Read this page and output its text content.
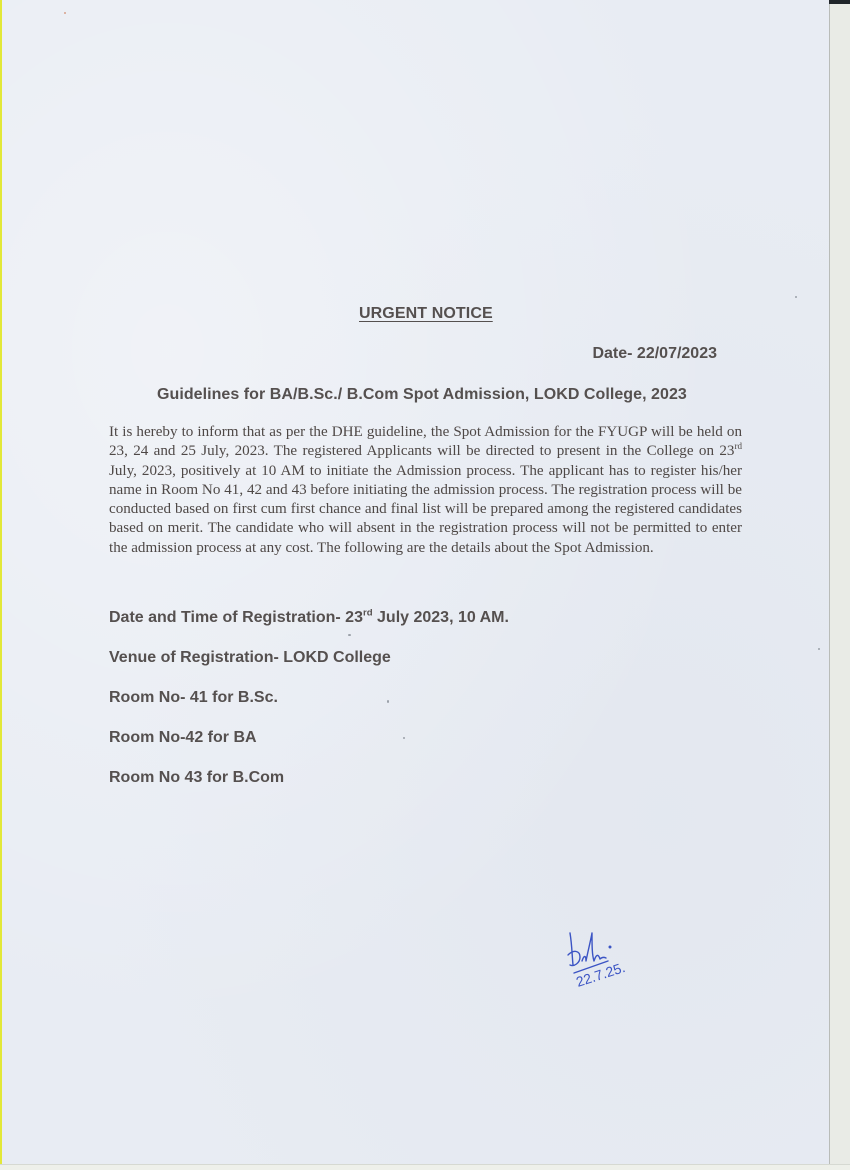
URGENT NOTICE
Date- 22/07/2023
Guidelines for BA/B.Sc./ B.Com Spot Admission, LOKD College, 2023
It is hereby to inform that as per the DHE guideline, the Spot Admission for the FYUGP will be held on 23, 24 and 25 July, 2023. The registered Applicants will be directed to present in the College on 23rd July, 2023, positively at 10 AM to initiate the Admission process. The applicant has to register his/her name in Room No 41, 42 and 43 before initiating the admission process. The registration process will be conducted based on first cum first chance and final list will be prepared among the registered candidates based on merit. The candidate who will absent in the registration process will not be permitted to enter the admission process at any cost. The following are the details about the Spot Admission.
Date and Time of Registration- 23rd July 2023, 10 AM.
Venue of Registration- LOKD College
Room No- 41 for B.Sc.
Room No-42 for BA
Room No 43 for B.Com
22.7.25.
